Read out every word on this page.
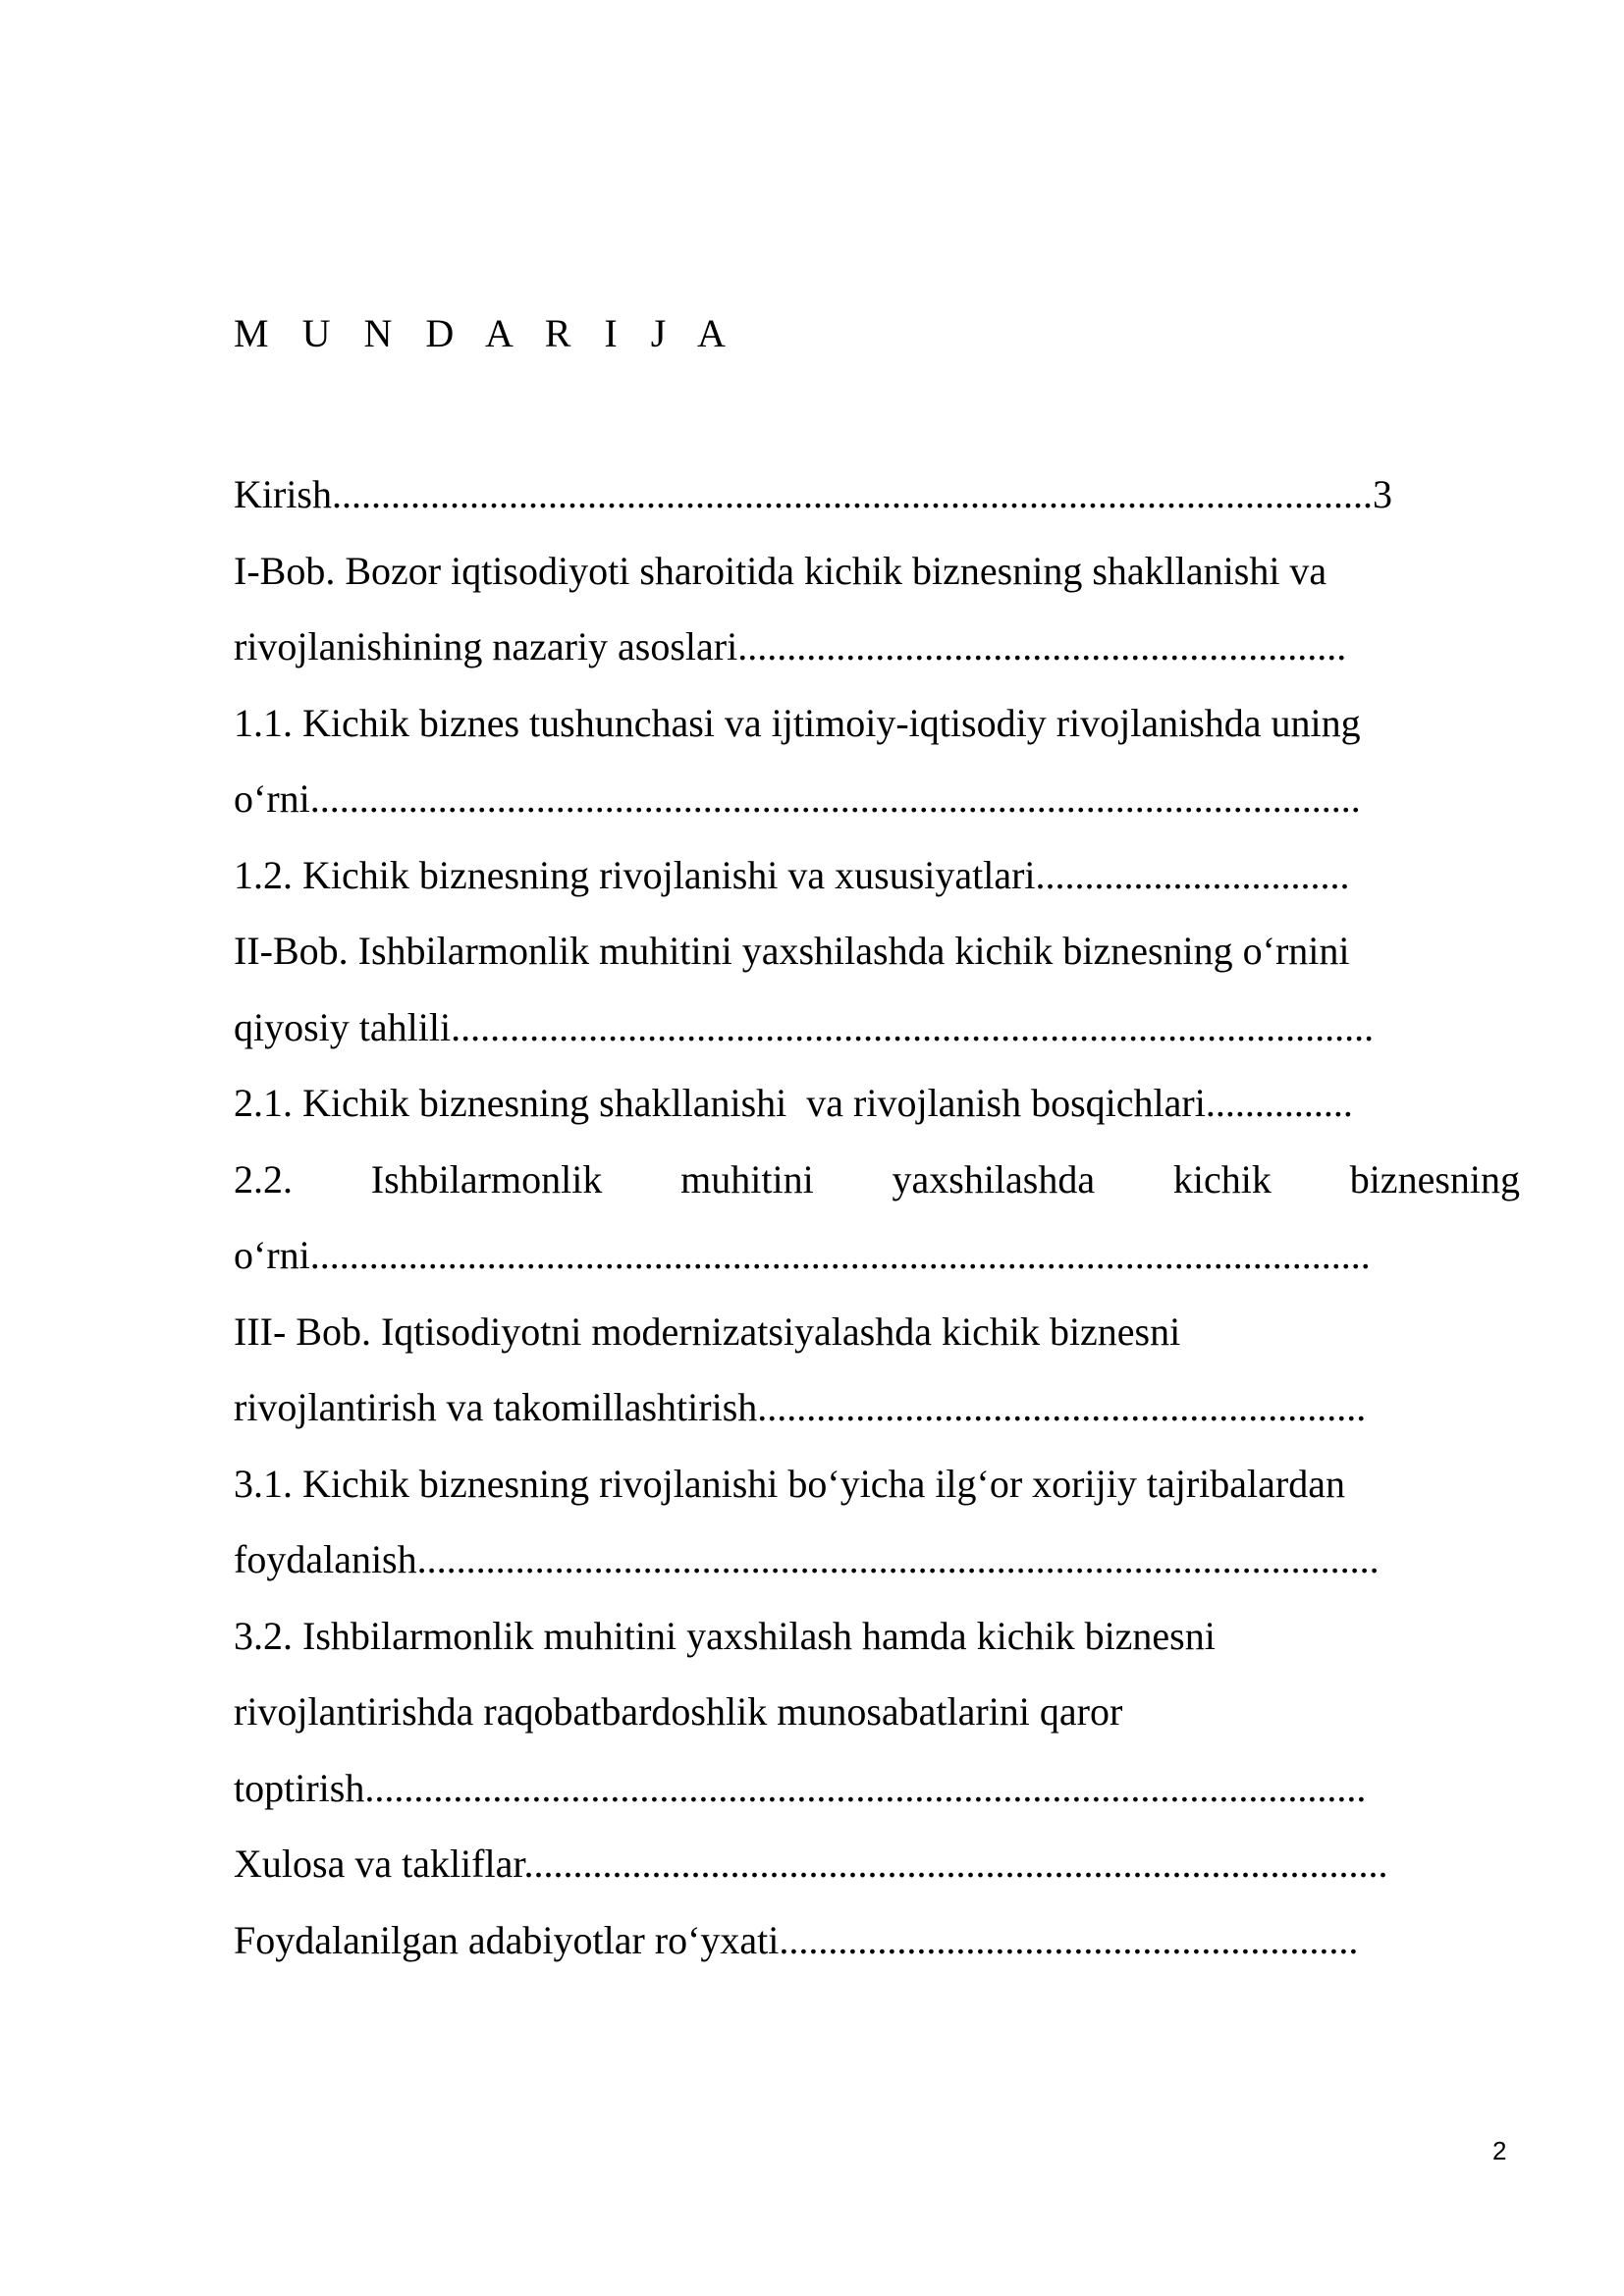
M U N D A R I J A
Kirish..........................................................................................................3
I-Bob. Bozor iqtisodiyoti sharoitida kichik biznesning shakllanishi va
rivojlanishining nazariy asoslari..............................................................
1.1. Kichik biznes tushunchasi va ijtimoiy-iqtisodiy rivojlanishda uning
o‘rni...........................................................................................................
1.2. Kichik biznesning rivojlanishi va xususiyatlari................................
II-Bob. Ishbilarmonlik muhitini yaxshilashda kichik biznesning o‘rnini
qiyosiy tahlili..............................................................................................
2.1. Kichik biznesning shakllanishi  va rivojlanish bosqichlari...............
2.2. Ishbilarmonlik muhitini yaxshilashda kichik biznesning
o‘rni............................................................................................................
III- Bob. Iqtisodiyotni modernizatsiyalashda kichik biznesni
rivojlantirish va takomillashtirish..............................................................
3.1. Kichik biznesning rivojlanishi bo‘yicha ilg‘or xorijiy tajribalardan
foydalanish..................................................................................................
3.2. Ishbilarmonlik muhitini yaxshilash hamda kichik biznesni
rivojlantirishda raqobatbardoshlik munosabatlarini qaror
toptirish......................................................................................................
Xulosa va takliflar........................................................................................
Foydalanilgan adabiyotlar ro‘yxati...........................................................
2
